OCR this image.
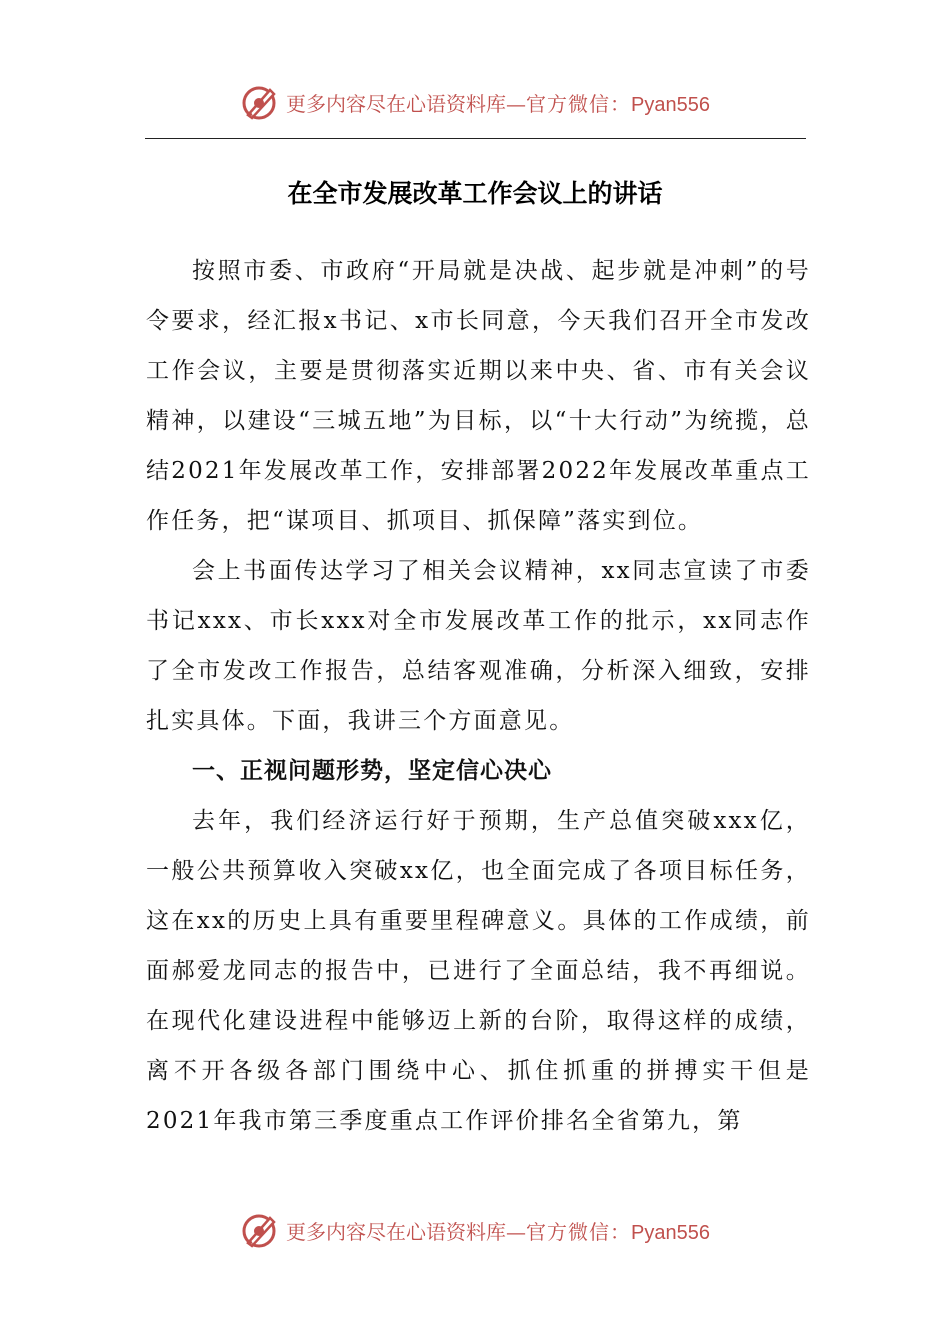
更多内容尽在心语资料库—官方微信：Pyan556
在全市发展改革工作会议上的讲话

按照市委、市政府“开局就是决战、起步就是冲刺”的号令要求，经汇报x书记、x市长同意，今天我们召开全市发改工作会议，主要是贯彻落实近期以来中央、省、市有关会议精神，以建设“三城五地”为目标，以“十大行动”为统揽，总结2021年发展改革工作，安排部署2022年发展改革重点工作任务，把“谋项目、抓项目、抓保障”落实到位。

会上书面传达学习了相关会议精神，xx同志宣读了市委书记xxx、市长xxx对全市发展改革工作的批示，xx同志作了全市发改工作报告，总结客观准确，分析深入细致，安排扎实具体。下面，我讲三个方面意见。

一、正视问题形势，坚定信心决心

去年，我们经济运行好于预期，生产总值突破xxx亿，一般公共预算收入突破xx亿，也全面完成了各项目标任务，这在xx的历史上具有重要里程碑意义。具体的工作成绩，前面郝爱龙同志的报告中，已进行了全面总结，我不再细说。在现代化建设进程中能够迈上新的台阶，取得这样的成绩，离不开各级各部门围绕中心、抓住抓重的拼搏实干但是2021年我市第三季度重点工作评价排名全省第九，第

更多内容尽在心语资料库—官方微信：Pyan556
